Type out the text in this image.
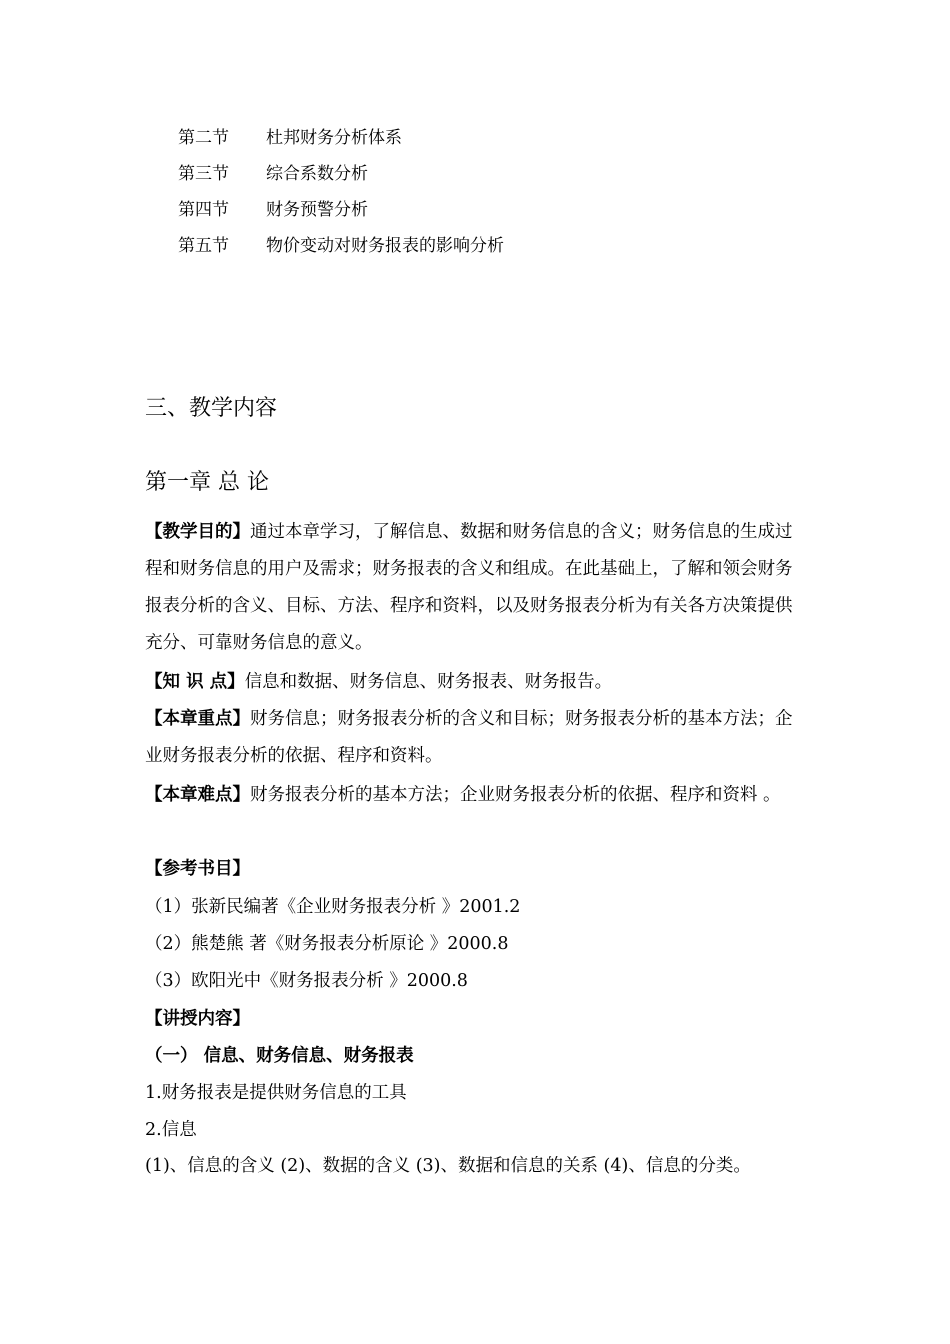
第二节 杜邦财务分析体系
第三节 综合系数分析
第四节 财务预警分析
第五节 物价变动对财务报表的影响分析
三、教学内容
第一章 总 论
【教学目的】通过本章学习，了解信息、数据和财务信息的含义；财务信息的生成过程和财务信息的用户及需求；财务报表的含义和组成。在此基础上，了解和领会财务报表分析的含义、目标、方法、程序和资料，以及财务报表分析为有关各方决策提供充分、可靠财务信息的意义。
【知 识 点】信息和数据、财务信息、财务报表、财务报告。
【本章重点】财务信息；财务报表分析的含义和目标；财务报表分析的基本方法；企业财务报表分析的依据、程序和资料。
【本章难点】财务报表分析的基本方法；企业财务报表分析的依据、程序和资料 。
【参考书目】
（1）张新民编著《企业财务报表分析 》2001.2
（2）熊楚熊 著《财务报表分析原论 》2000.8
（3）欧阳光中《财务报表分析 》2000.8
【讲授内容】
（一） 信息、财务信息、财务报表
1.财务报表是提供财务信息的工具
2.信息
(1)、信息的含义 (2)、数据的含义 (3)、数据和信息的关系 (4)、信息的分类。
